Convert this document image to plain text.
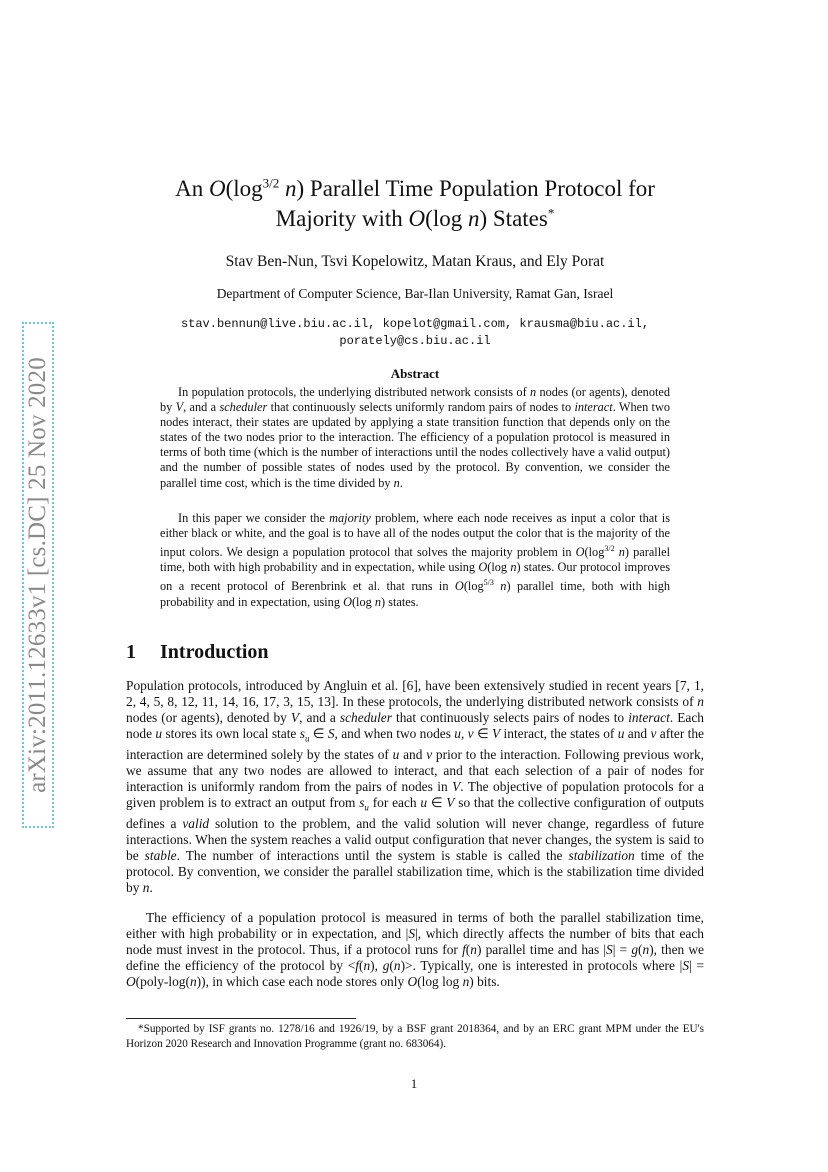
arXiv:2011.12633v1 [cs.DC] 25 Nov 2020
An $O(\log^{3/2}$ n) Parallel Time Population Protocol for
Majority with O(log n) States*
Stav Ben-Nun, Tsvi Kopelowitz, Matan Kraus, and Ely Porat
Department of Computer Science, Bar-Ilan University, Ramat Gan, Israel
stav.bennun@live.biu.ac.il, kopelot@gmail.com, krausma@biu.ac.il,
porately@cs.biu.ac.il
Abstract

In population protocols, the underlying distributed network consists of n nodes (or agents), denoted by V, and a scheduler that continuously selects uniformly random pairs of nodes to interact. When two nodes interact, their states are updated by applying a state transition function that depends only on the states of the two nodes prior to the interaction. The efficiency of a population protocol is measured in terms of both time (which is the number of interactions until the nodes collectively have a valid output) and the number of possible states of nodes used by the protocol. By convention, we consider the parallel time cost, which is the time divided by n.

In this paper we consider the majority problem, where each node receives as input a color that is either black or white, and the goal is to have all of the nodes output the color that is the majority of the input colors. We design a population protocol that solves the majority problem in $O(\log^{3/2}$ n) parallel time, both with high probability and in expectation, while using O(log n) states. Our protocol improves on a recent protocol of Berenbrink et al. that runs in $O(\log^{5/3}$ n) parallel time, both with high probability and in expectation, using O(log n) states.

1 Introduction

Population protocols, introduced by Angluin et al. [6], have been extensively studied in recent years [7, 1, 2, 4, 5, 8, 12, 11, 14, 16, 17, 3, 15, 13]. In these protocols, the underlying distributed network consists of n nodes (or agents), denoted by V, and a scheduler that continuously selects pairs of nodes to interact. Each node u stores its own local state $s_u$ ∈ S, and when two nodes u, v ∈ V interact, the states of u and v after the interaction are determined solely by the states of u and v prior to the interaction. Following previous work, we assume that any two nodes are allowed to interact, and that each selection of a pair of nodes for interaction is uniformly random from the pairs of nodes in V. The objective of population protocols for a given problem is to extract an output from $s_u$ for each u ∈ V so that the collective configuration of outputs defines a valid solution to the problem, and the valid solution will never change, regardless of future interactions. When the system reaches a valid output configuration that never changes, the system is said to be stable. The number of interactions until the system is stable is called the stabilization time of the protocol. By convention, we consider the parallel stabilization time, which is the stabilization time divided by n.

The efficiency of a population protocol is measured in terms of both the parallel stabilization time, either with high probability or in expectation, and |S|, which directly affects the number of bits that each node must invest in the protocol. Thus, if a protocol runs for f(n) parallel time and has |S| = g(n), then we define the efficiency of the protocol by <f(n), g(n)>. Typically, one is interested in protocols where |S| = O(poly-log(n)), in which case each node stores only O(log log n) bits.

*Supported by ISF grants no. 1278/16 and 1926/19, by a BSF grant 2018364, and by an ERC grant MPM under the EU's Horizon 2020 Research and Innovation Programme (grant no. 683064).

1
